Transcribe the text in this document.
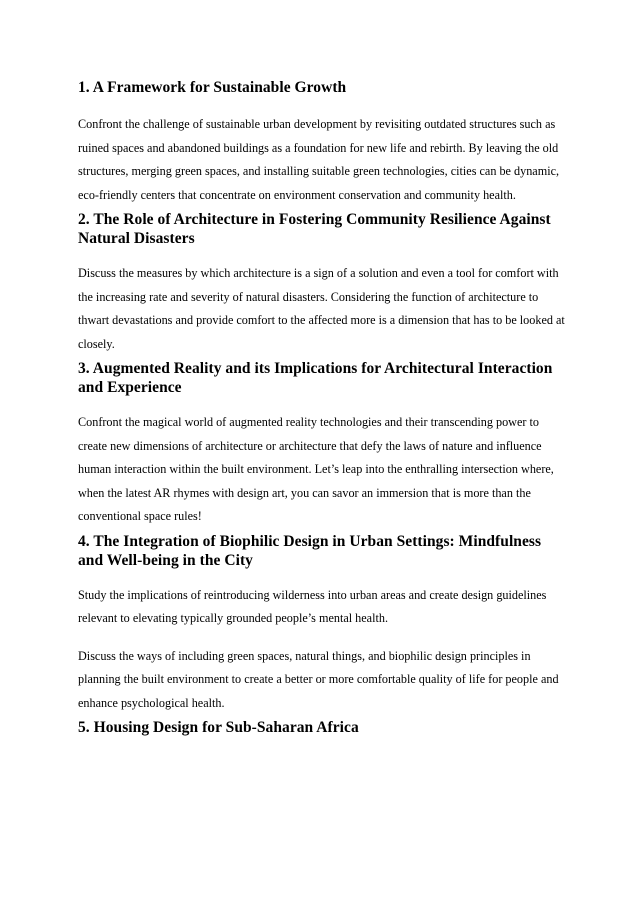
1. A Framework for Sustainable Growth

Confront the challenge of sustainable urban development by revisiting outdated structures such as ruined spaces and abandoned buildings as a foundation for new life and rebirth. By leaving the old structures, merging green spaces, and installing suitable green technologies, cities can be dynamic, eco-friendly centers that concentrate on environment conservation and community health.

2. The Role of Architecture in Fostering Community Resilience Against Natural Disasters

Discuss the measures by which architecture is a sign of a solution and even a tool for comfort with the increasing rate and severity of natural disasters. Considering the function of architecture to thwart devastations and provide comfort to the affected more is a dimension that has to be looked at closely.

3. Augmented Reality and its Implications for Architectural Interaction and Experience

Confront the magical world of augmented reality technologies and their transcending power to create new dimensions of architecture or architecture that defy the laws of nature and influence human interaction within the built environment. Let’s leap into the enthralling intersection where, when the latest AR rhymes with design art, you can savor an immersion that is more than the conventional space rules!

4. The Integration of Biophilic Design in Urban Settings: Mindfulness and Well-being in the City

Study the implications of reintroducing wilderness into urban areas and create design guidelines relevant to elevating typically grounded people’s mental health.

Discuss the ways of including green spaces, natural things, and biophilic design principles in planning the built environment to create a better or more comfortable quality of life for people and enhance psychological health.

5. Housing Design for Sub-Saharan Africa
